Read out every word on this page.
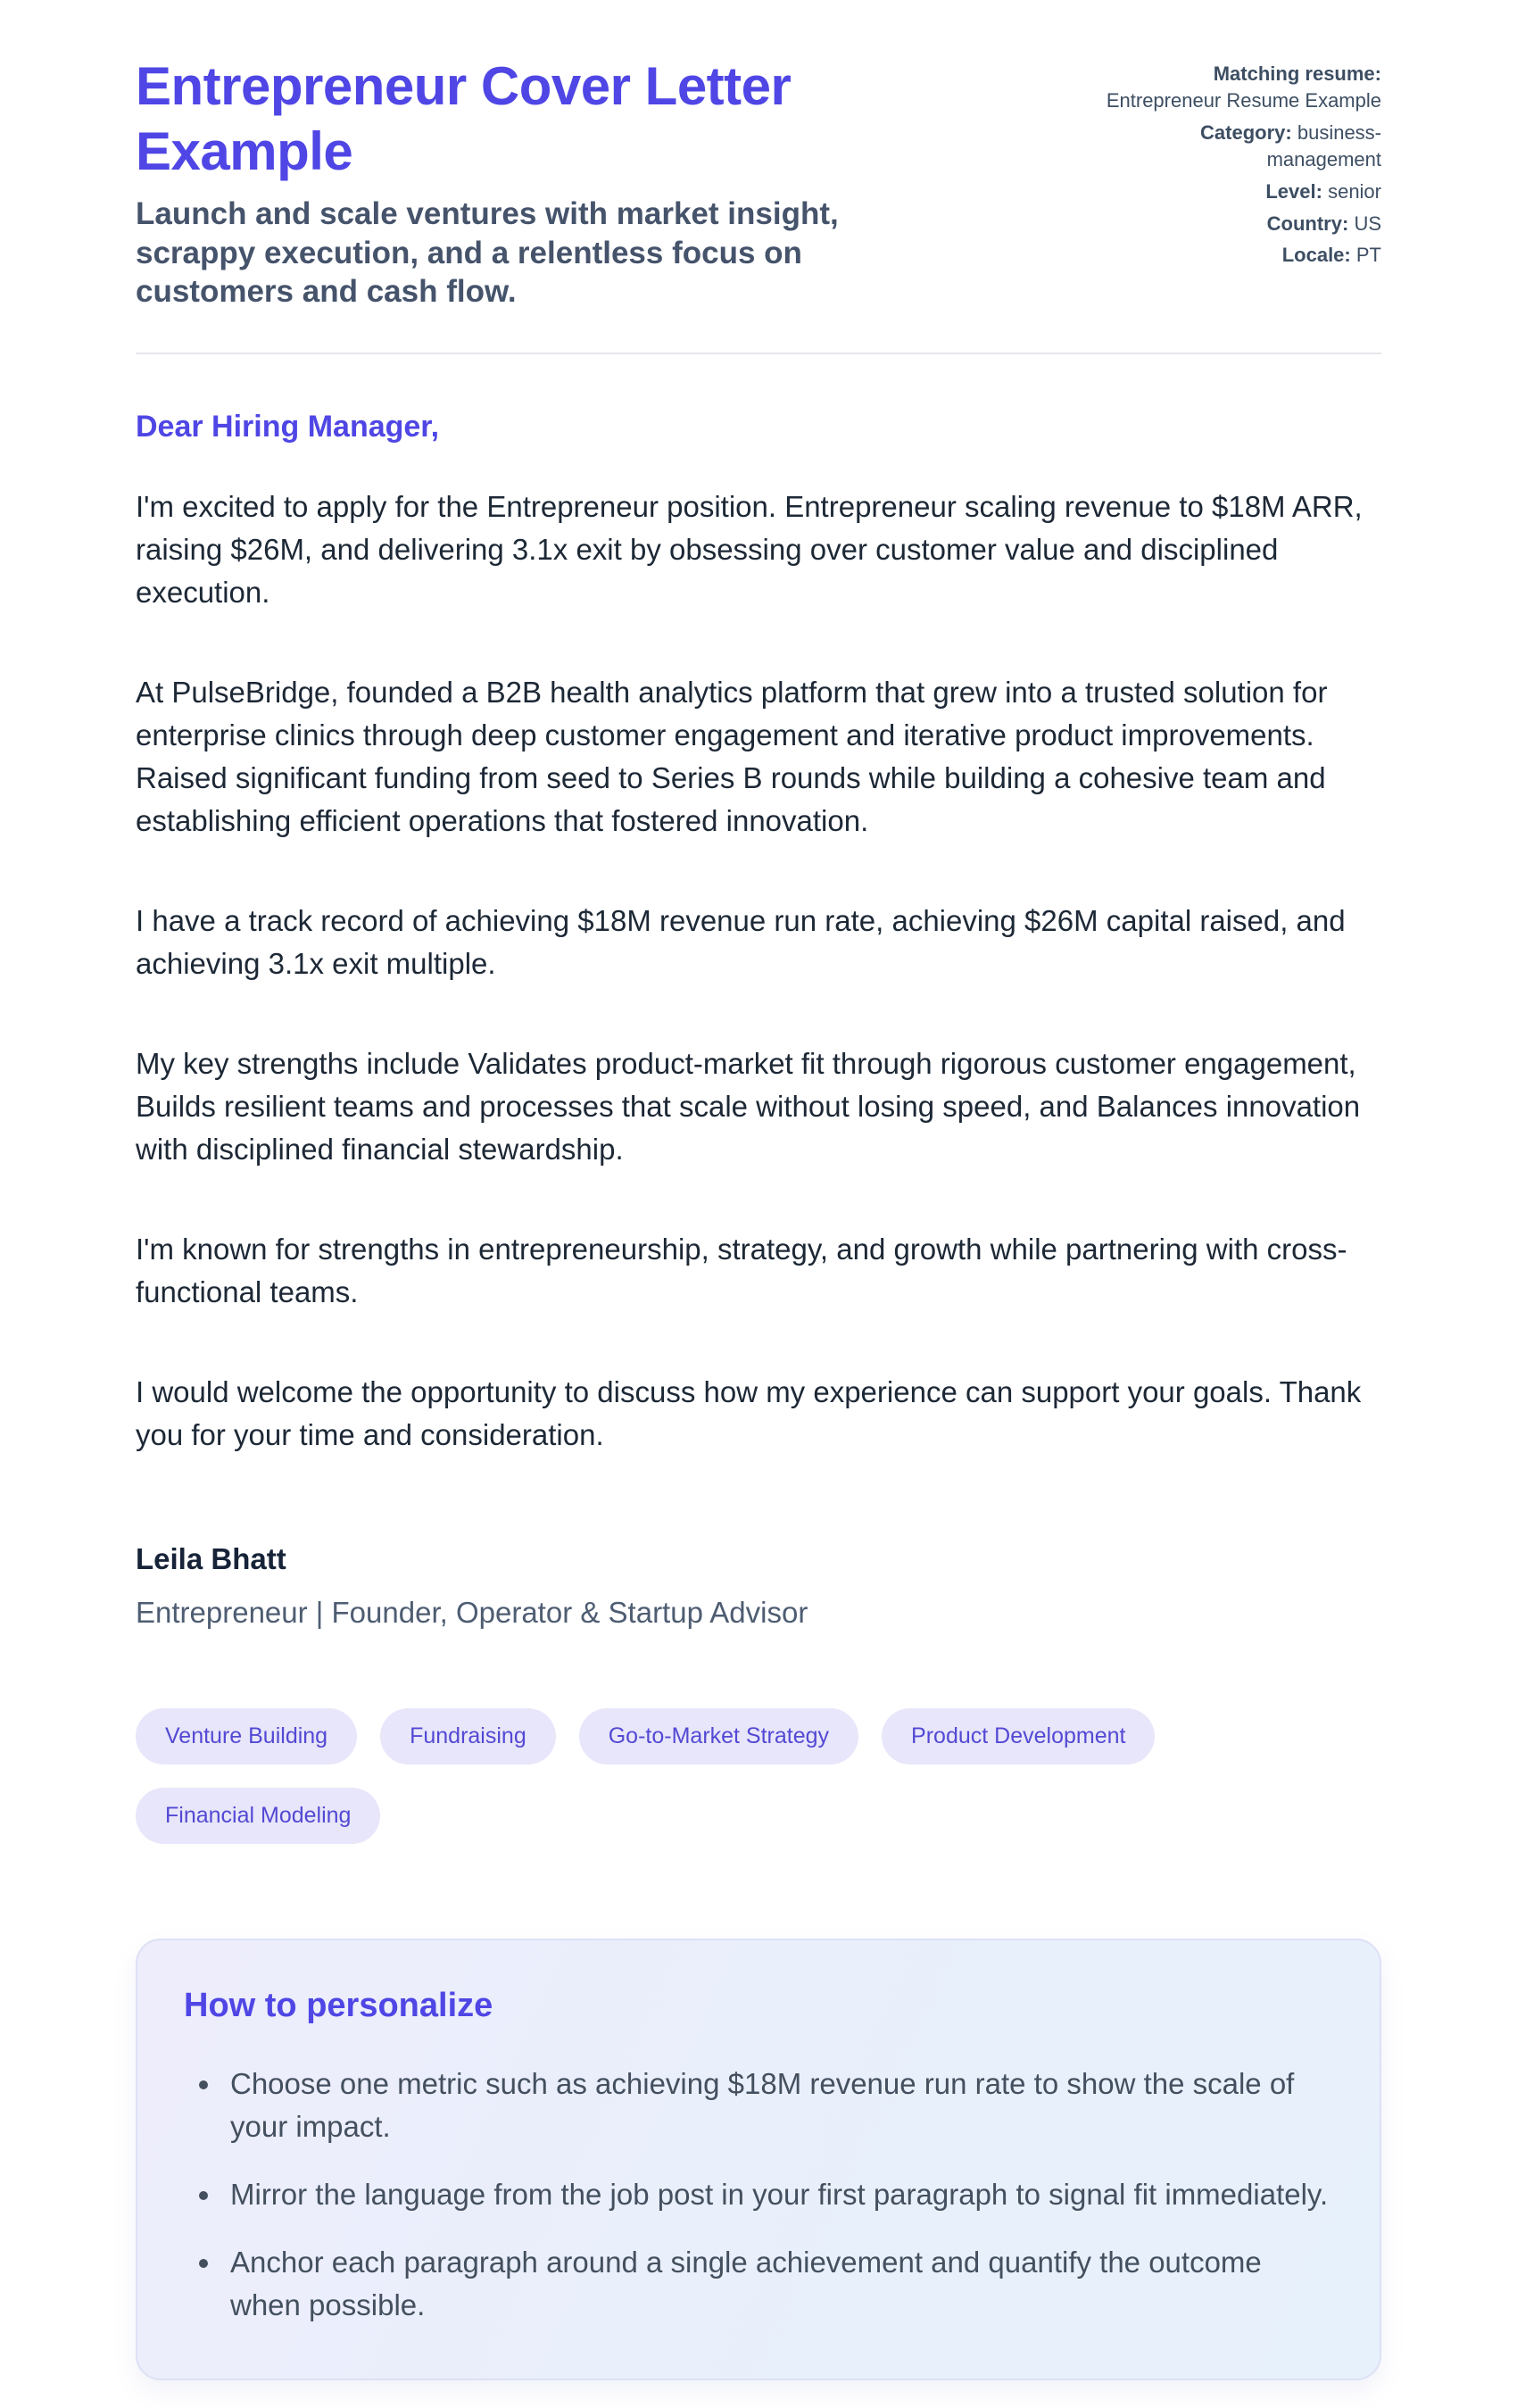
Entrepreneur Cover Letter Example

Launch and scale ventures with market insight, scrappy execution, and a relentless focus on customers and cash flow.

Matching resume: Entrepreneur Resume Example
Category: business-management
Level: senior
Country: US
Locale: PT

Dear Hiring Manager,

I'm excited to apply for the Entrepreneur position. Entrepreneur scaling revenue to $18M ARR, raising $26M, and delivering 3.1x exit by obsessing over customer value and disciplined execution.

At PulseBridge, founded a B2B health analytics platform that grew into a trusted solution for enterprise clinics through deep customer engagement and iterative product improvements. Raised significant funding from seed to Series B rounds while building a cohesive team and establishing efficient operations that fostered innovation.

I have a track record of achieving $18M revenue run rate, achieving $26M capital raised, and achieving 3.1x exit multiple.

My key strengths include Validates product-market fit through rigorous customer engagement, Builds resilient teams and processes that scale without losing speed, and Balances innovation with disciplined financial stewardship.

I'm known for strengths in entrepreneurship, strategy, and growth while partnering with cross-functional teams.

I would welcome the opportunity to discuss how my experience can support your goals. Thank you for your time and consideration.

Leila Bhatt

Entrepreneur | Founder, Operator & Startup Advisor

Venture Building	Fundraising	Go-to-Market Strategy	Product Development
Financial Modeling
How to personalize
• Choose one metric such as achieving $18M revenue run rate to show the scale of your impact.
• Mirror the language from the job post in your first paragraph to signal fit immediately.
• Anchor each paragraph around a single achievement and quantify the outcome when possible.
